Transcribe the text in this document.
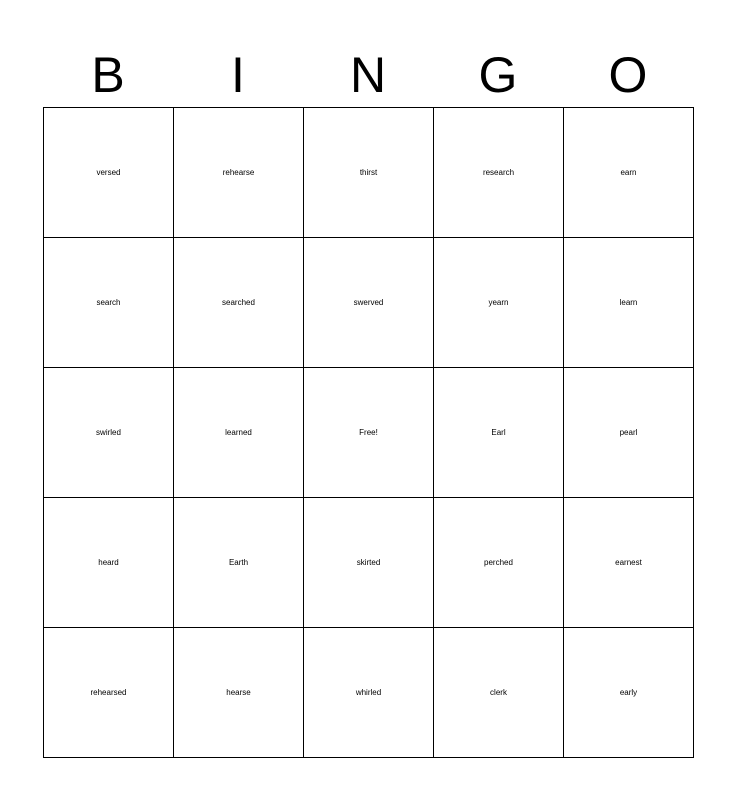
B	I	N	G	O
versed	rehearse	thirst	research	earn
search	searched	swerved	yearn	learn
swirled	learned	Free!	Earl	pearl
heard	Earth	skirted	perched	earnest
rehearsed	hearse	whirled	clerk	early
